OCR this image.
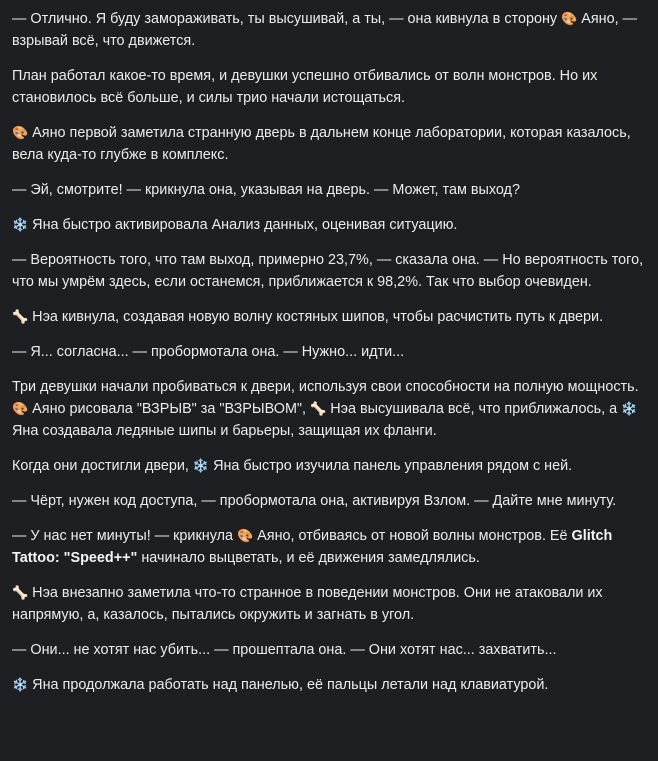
— Отлично. Я буду замораживать, ты высушивай, а ты, — она кивнула в сторону 🎨 Аяно, — взрывай всё, что движется.

План работал какое-то время, и девушки успешно отбивались от волн монстров. Но их становилось всё больше, и силы трио начали истощаться.

🎨 Аяно первой заметила странную дверь в дальнем конце лаборатории, которая казалось, вела куда-то глубже в комплекс.

— Эй, смотрите! — крикнула она, указывая на дверь. — Может, там выход?

❄️ Яна быстро активировала Анализ данных, оценивая ситуацию.

— Вероятность того, что там выход, примерно 23,7%, — сказала она. — Но вероятность того, что мы умрём здесь, если останемся, приближается к 98,2%. Так что выбор очевиден.

🦴 Нэа кивнула, создавая новую волну костяных шипов, чтобы расчистить путь к двери.

— Я... согласна... — пробормотала она. — Нужно... идти...

Три девушки начали пробиваться к двери, используя свои способности на полную мощность. 🎨 Аяно рисовала "ВЗРЫВ" за "ВЗРЫВОМ", 🦴 Нэа высушивала всё, что приближалось, а ❄️ Яна создавала ледяные шипы и барьеры, защищая их фланги.

Когда они достигли двери, ❄️ Яна быстро изучила панель управления рядом с ней.

— Чёрт, нужен код доступа, — пробормотала она, активируя Взлом. — Дайте мне минуту.

— У нас нет минуты! — крикнула 🎨 Аяно, отбиваясь от новой волны монстров. Её Glitch Tattoo: "Speed++" начинало выцветать, и её движения замедлялись.

🦴 Нэа внезапно заметила что-то странное в поведении монстров. Они не атаковали их напрямую, а, казалось, пытались окружить и загнать в угол.

— Они... не хотят нас убить... — прошептала она. — Они хотят нас... захватить...

❄️ Яна продолжала работать над панелью, её пальцы летали над клавиатурой.
